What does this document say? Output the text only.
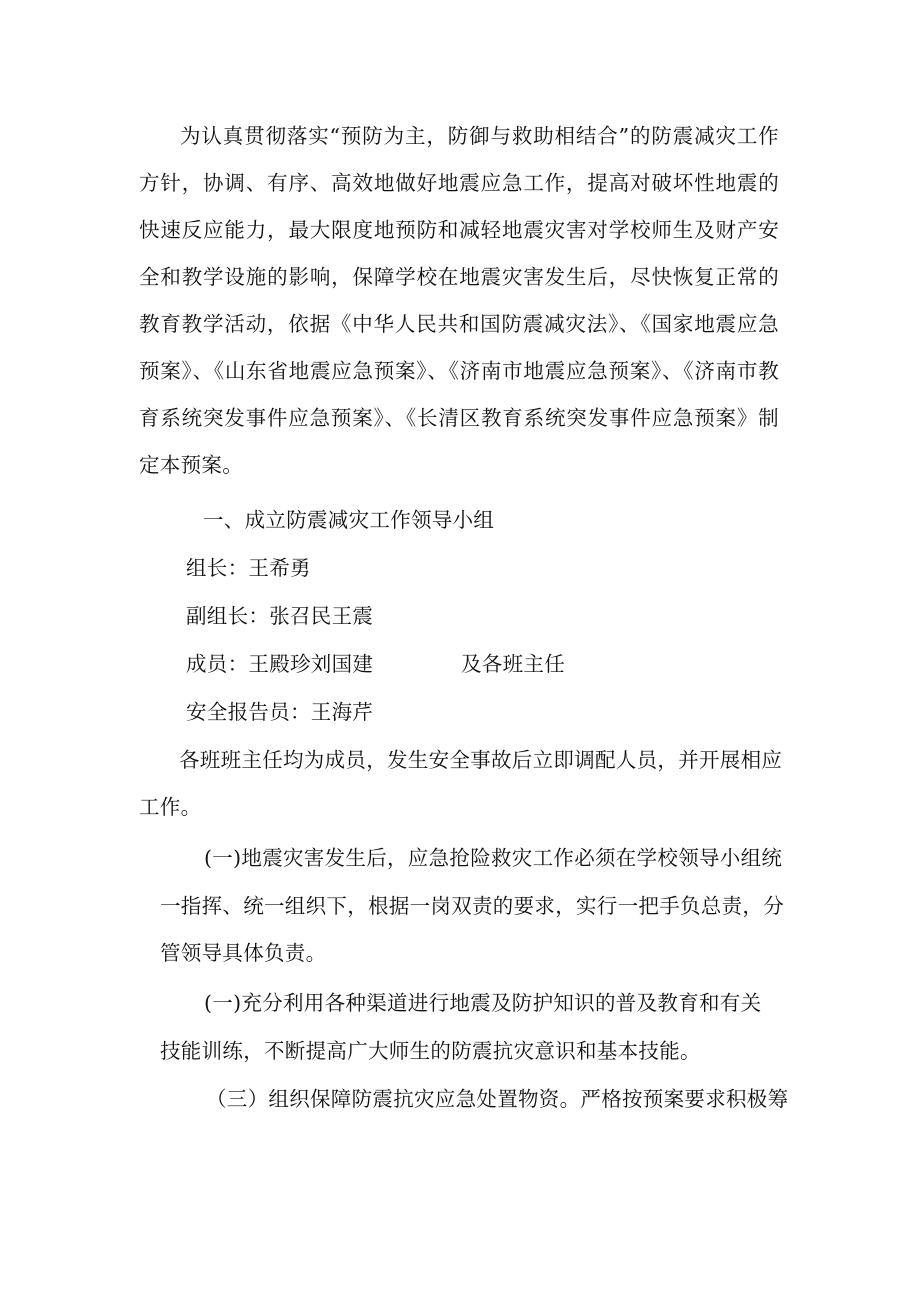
为认真贯彻落实“预防为主，防御与救助相结合”的防震减灾工作方针，协调、有序、高效地做好地震应急工作，提高对破坏性地震的快速反应能力，最大限度地预防和减轻地震灾害对学校师生及财产安全和教学设施的影响，保障学校在地震灾害发生后，尽快恢复正常的教育教学活动，依据《中华人民共和国防震减灾法》、《国家地震应急预案》、《山东省地震应急预案》、《济南市地震应急预案》、《济南市教育系统突发事件应急预案》、《长清区教育系统突发事件应急预案》制定本预案。
一、成立防震减灾工作领导小组
组长：王希勇
副组长：张召民王震
成员：王殿珍刘国建	及各班主任
安全报告员：王海芹
各班班主任均为成员，发生安全事故后立即调配人员，并开展相应
工作。
(一)地震灾害发生后，应急抢险救灾工作必须在学校领导小组统
一指挥、统一组织下，根据一岗双责的要求，实行一把手负总责，分
管领导具体负责。
(一)充分利用各种渠道进行地震及防护知识的普及教育和有关
技能训练，不断提高广大师生的防震抗灾意识和基本技能。
（三）组织保障防震抗灾应急处置物资。严格按预案要求积极筹
